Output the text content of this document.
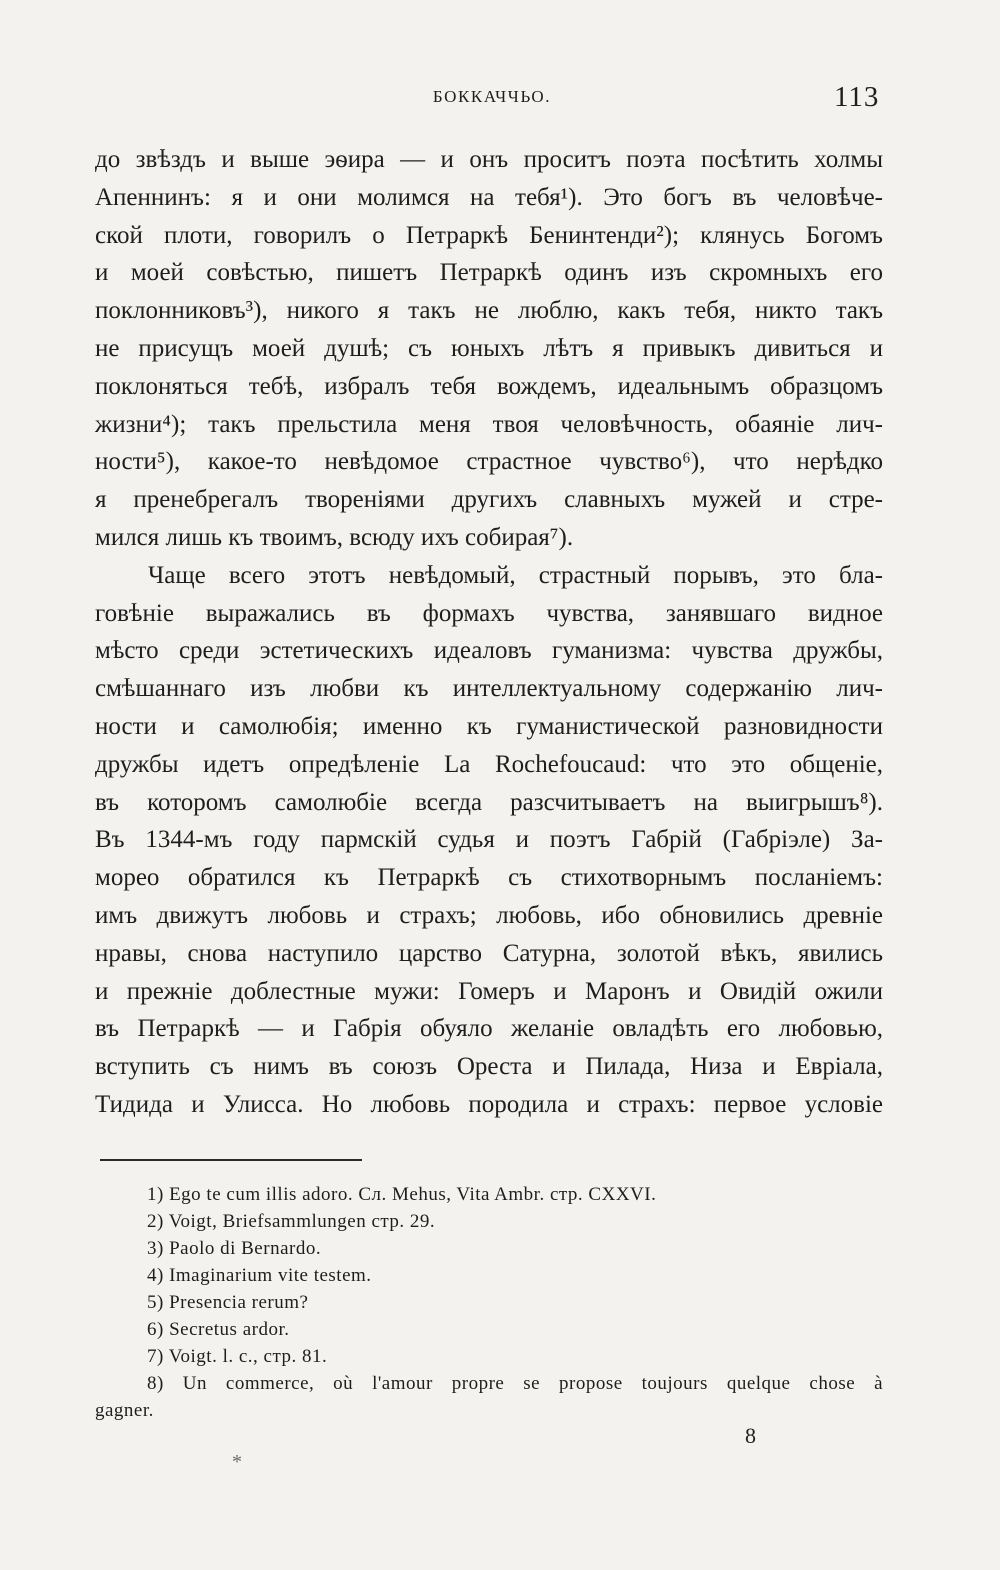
БОККАЧЧЬО.	113
до звѣздъ и выше эѳира — и онъ проситъ поэта посѣтить холмы
Апеннинъ: я и они молимся на тебя¹). Это богъ въ человѣче-
ской плоти, говорилъ о Петраркѣ Бенинтенди²); клянусь Богомъ
и моей совѣстью, пишетъ Петраркѣ одинъ изъ скромныхъ его
поклонниковъ³), никого я такъ не люблю, какъ тебя, никто такъ
не присущъ моей душѣ; съ юныхъ лѣтъ я привыкъ дивиться и
поклоняться тебѣ, избралъ тебя вождемъ, идеальнымъ образцомъ
жизни⁴); такъ прельстила меня твоя человѣчность, обаяніе лич-
ности⁵), какое-то невѣдомое страстное чувство⁶), что нерѣдко
я пренебрегалъ твореніями другихъ славныхъ мужей и стре-
мился лишь къ твоимъ, всюду ихъ собирая⁷).
Чаще всего этотъ невѣдомый, страстный порывъ, это бла-
говѣніе выражались въ формахъ чувства, занявшаго видное
мѣсто среди эстетическихъ идеаловъ гуманизма: чувства дружбы,
смѣшаннаго изъ любви къ интеллектуальному содержанію лич-
ности и самолюбія; именно къ гуманистической разновидности
дружбы идетъ опредѣленіе La Rochefoucaud: что это общеніе,
въ которомъ самолюбіе всегда разсчитываетъ на выигрышъ⁸).
Въ 1344-мъ году пармскій судья и поэтъ Габрій (Габріэле) За-
морео обратился къ Петраркѣ съ стихотворнымъ посланіемъ:
имъ движутъ любовь и страхъ; любовь, ибо обновились древніе
нравы, снова наступило царство Сатурна, золотой вѣкъ, явились
и прежніе доблестные мужи: Гомеръ и Маронъ и Овидій ожили
въ Петраркѣ — и Габрія обуяло желаніе овладѣть его любовью,
вступить съ нимъ въ союзъ Ореста и Пилада, Низа и Евріала,
Тидида и Улисса. Но любовь породила и страхъ: первое условіе
1) Ego te cum illis adoro. Сл. Mehus, Vita Ambr. стр. CXXVI.
2) Voigt, Briefsammlungen стр. 29.
3) Paolo di Bernardo.
4) Imaginarium vite testem.
5) Presencia rerum?
6) Secretus ardor.
7) Voigt. l. c., стр. 81.
8) Un commerce, où l'amour propre se propose toujours quelque chose à
gagner.
8
*
